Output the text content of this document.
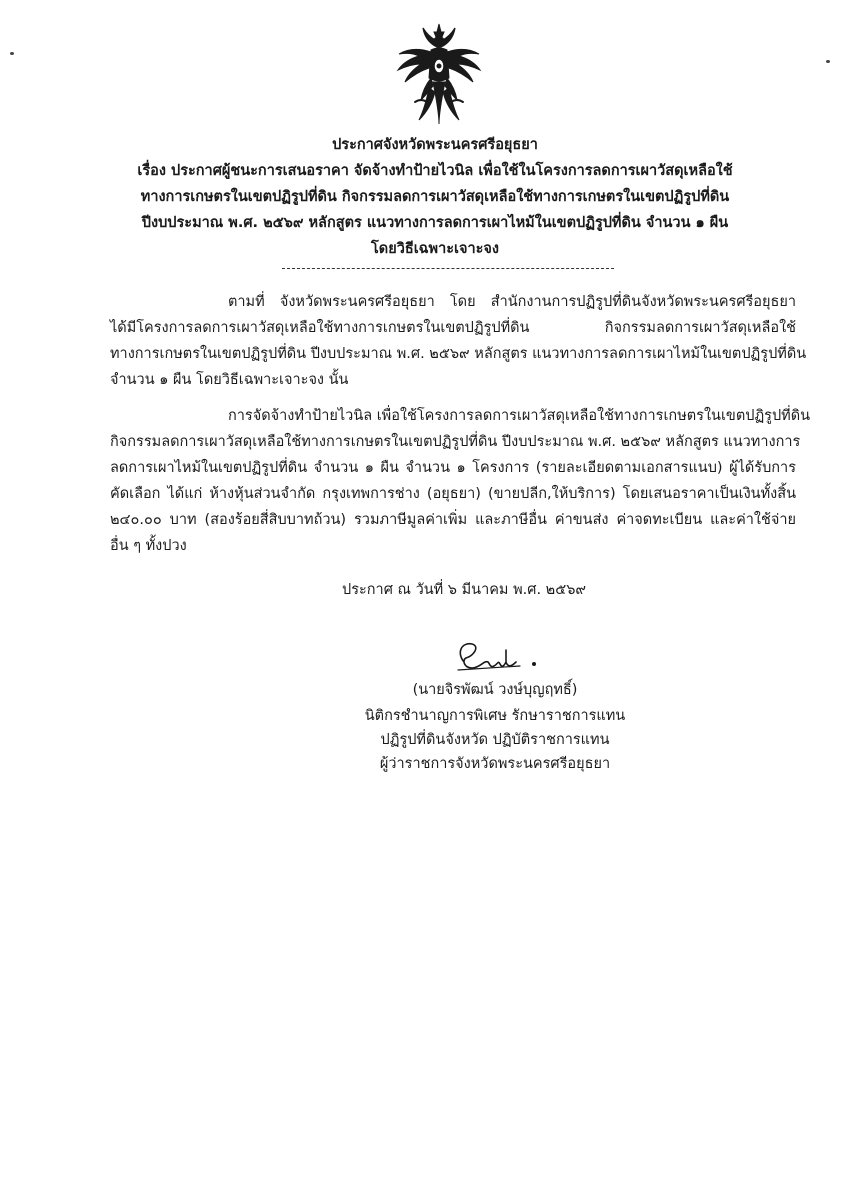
ประกาศจังหวัดพระนครศรีอยุธยา
เรื่อง ประกาศผู้ชนะการเสนอราคา จัดจ้างทำป้ายไวนิล เพื่อใช้ในโครงการลดการเผาวัสดุเหลือใช้
ทางการเกษตรในเขตปฏิรูปที่ดิน กิจกรรมลดการเผาวัสดุเหลือใช้ทางการเกษตรในเขตปฏิรูปที่ดิน
ปีงบประมาณ พ.ศ. ๒๕๖๙ หลักสูตร แนวทางการลดการเผาไหม้ในเขตปฏิรูปที่ดิน จำนวน ๑ ผืน
โดยวิธีเฉพาะเจาะจง
ตามที่ จังหวัดพระนครศรีอยุธยา โดย สำนักงานการปฏิรูปที่ดินจังหวัดพระนครศรีอยุธยา
ได้มีโครงการลดการเผาวัสดุเหลือใช้ทางการเกษตรในเขตปฏิรูปที่ดิน กิจกรรมลดการเผาวัสดุเหลือใช้
ทางการเกษตรในเขตปฏิรูปที่ดิน ปีงบประมาณ พ.ศ. ๒๕๖๙ หลักสูตร แนวทางการลดการเผาไหม้ในเขตปฏิรูปที่ดิน
จำนวน ๑ ผืน โดยวิธีเฉพาะเจาะจง นั้น
การจัดจ้างทำป้ายไวนิล เพื่อใช้โครงการลดการเผาวัสดุเหลือใช้ทางการเกษตรในเขตปฏิรูปที่ดิน
กิจกรรมลดการเผาวัสดุเหลือใช้ทางการเกษตรในเขตปฏิรูปที่ดิน ปีงบประมาณ พ.ศ. ๒๕๖๙ หลักสูตร แนวทางการ
ลดการเผาไหม้ในเขตปฏิรูปที่ดิน จำนวน ๑ ผืน จำนวน ๑ โครงการ (รายละเอียดตามเอกสารแนบ) ผู้ได้รับการ
คัดเลือก ได้แก่ ห้างหุ้นส่วนจำกัด กรุงเทพการช่าง (อยุธยา) (ขายปลีก,ให้บริการ) โดยเสนอราคาเป็นเงินทั้งสิ้น
๒๔๐.๐๐ บาท (สองร้อยสี่สิบบาทถ้วน) รวมภาษีมูลค่าเพิ่ม และภาษีอื่น ค่าขนส่ง ค่าจดทะเบียน และค่าใช้จ่าย
อื่น ๆ ทั้งปวง
ประกาศ ณ วันที่ ๖ มีนาคม พ.ศ. ๒๕๖๙
(นายจิรพัฒน์ วงษ์บุญฤทธิ์)
นิติกรชำนาญการพิเศษ รักษาราชการแทน
ปฏิรูปที่ดินจังหวัด ปฏิบัติราชการแทน
ผู้ว่าราชการจังหวัดพระนครศรีอยุธยา
